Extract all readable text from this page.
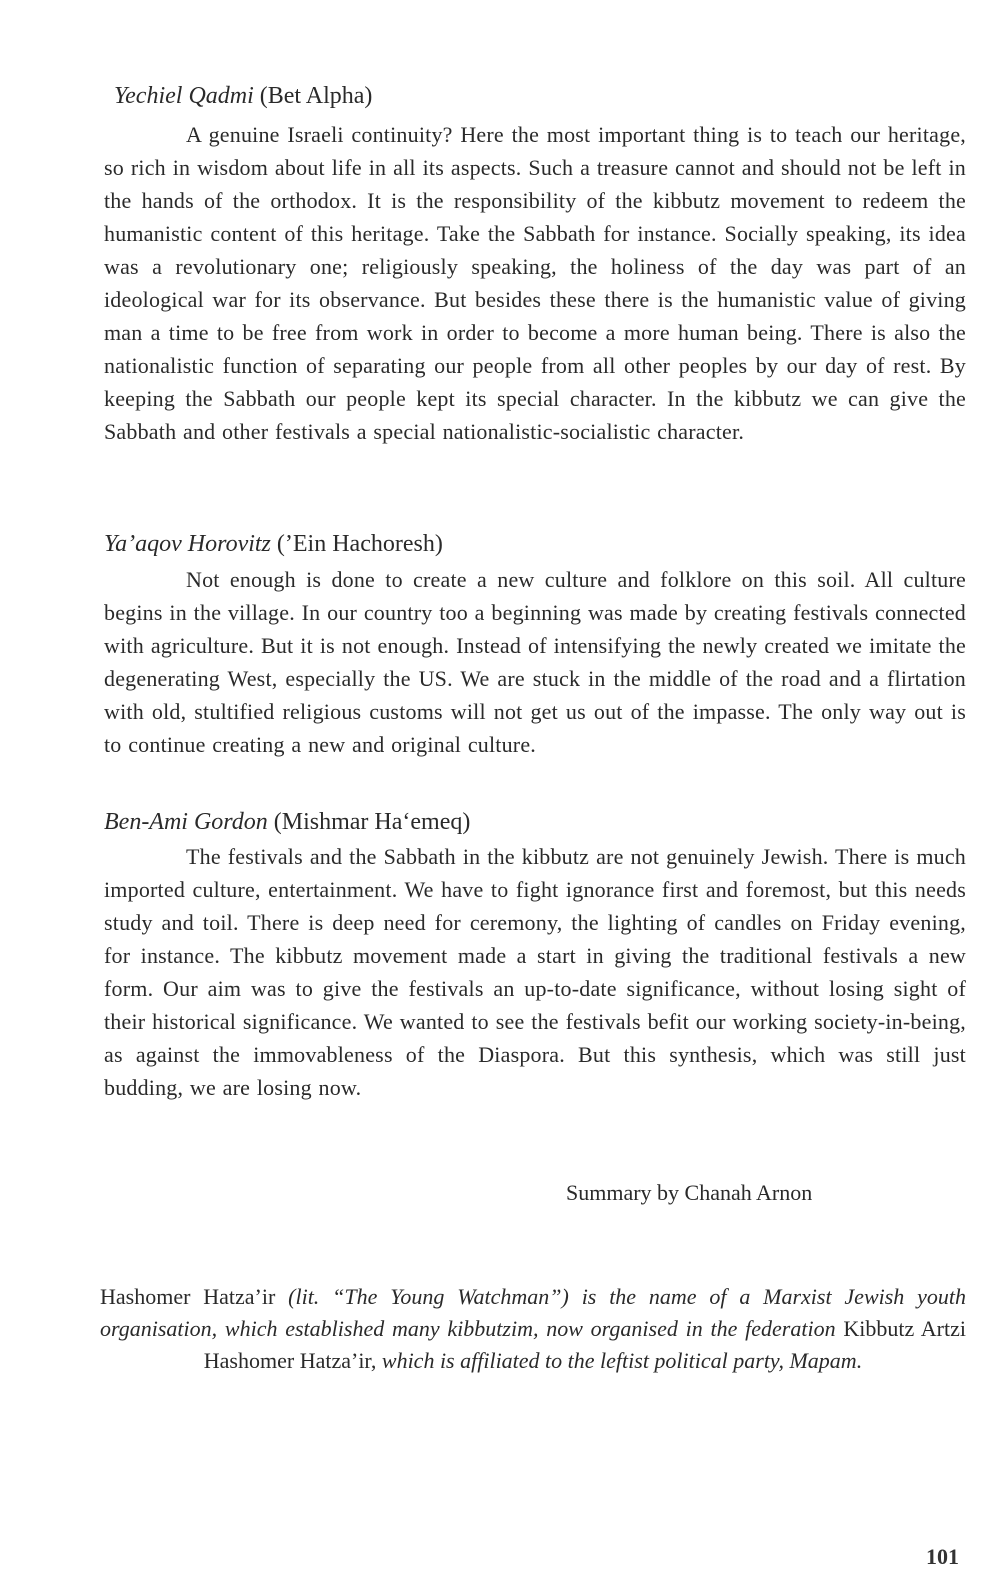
Yechiel Qadmi (Bet Alpha)

A genuine Israeli continuity? Here the most important thing is to teach our heritage, so rich in wisdom about life in all its aspects. Such a treasure cannot and should not be left in the hands of the orthodox. It is the responsibility of the kibbutz movement to redeem the humanistic content of this heritage. Take the Sabbath for instance. Socially speaking, its idea was a revolutionary one; religiously speaking, the holiness of the day was part of an ideological war for its observance. But besides these there is the humanistic value of giving man a time to be free from work in order to become a more human being. There is also the nationalistic function of separating our people from all other peoples by our day of rest. By keeping the Sabbath our people kept its special character. In the kibbutz we can give the Sabbath and other festivals a special nationalistic-socialistic character.

Ya’aqov Horovitz (’Ein Hachoresh)

Not enough is done to create a new culture and folklore on this soil. All culture begins in the village. In our country too a beginning was made by creating festivals connected with agriculture. But it is not enough. Instead of intensifying the newly created we imitate the degenerating West, especially the US. We are stuck in the middle of the road and a flirtation with old, stultified religious customs will not get us out of the impasse. The only way out is to continue creating a new and original culture.

Ben-Ami Gordon (Mishmar Ha‘emeq)

The festivals and the Sabbath in the kibbutz are not genuinely Jewish. There is much imported culture, entertainment. We have to fight ignorance first and foremost, but this needs study and toil. There is deep need for ceremony, the lighting of candles on Friday evening, for instance. The kibbutz movement made a start in giving the traditional festivals a new form. Our aim was to give the festivals an up-to-date significance, without losing sight of their historical significance. We wanted to see the festivals befit our working society-in-being, as against the immovableness of the Diaspora. But this synthesis, which was still just budding, we are losing now.

Summary by Chanah Arnon

Hashomer Hatza’ir (lit. “The Young Watchman”) is the name of a Marxist Jewish youth organisation, which established many kibbutzim, now organised in the federation Kibbutz Artzi Hashomer Hatza’ir, which is affiliated to the leftist political party, Mapam.

101
